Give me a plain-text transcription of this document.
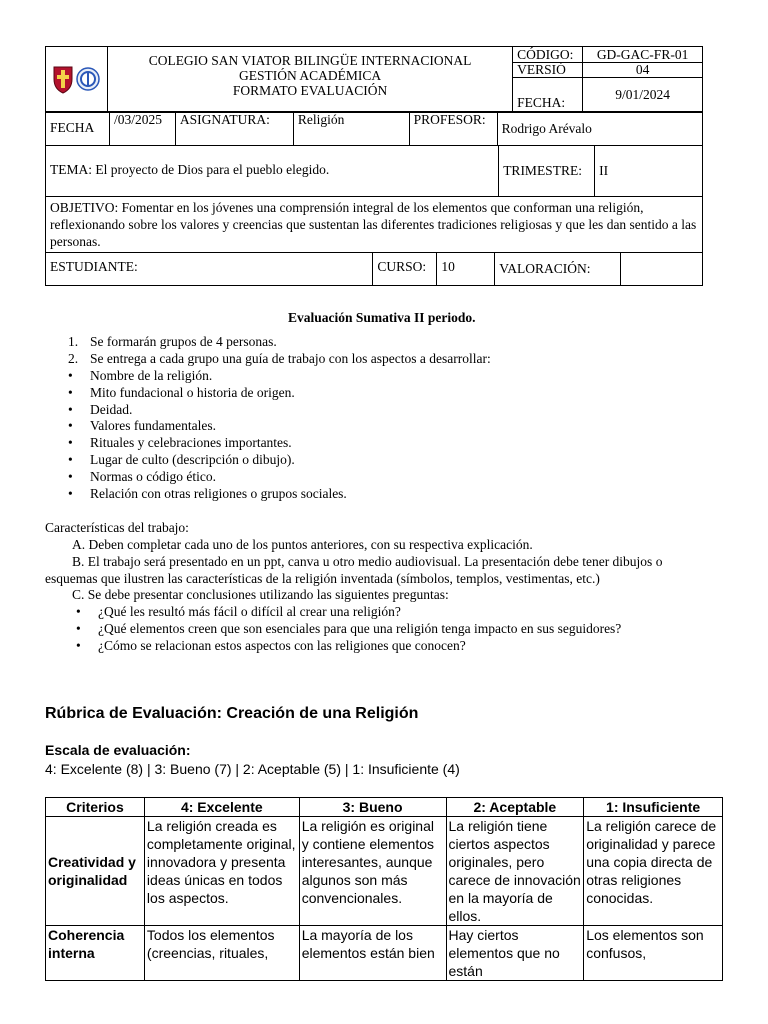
COLEGIO SAN VIATOR BILINGÜE INTERNACIONAL
GESTIÓN ACADÉMICA
FORMATO EVALUACIÓN	CÓDIGO:	GD-GAC-FR-01
		VERSIÓ	04
		FECHA:	9/01/2024
FECHA	/03/2025	ASIGNATURA:	Religión	PROFESOR:	Rodrigo Arévalo
TEMA: El proyecto de Dios para el pueblo elegido.	TRIMESTRE:	II
OBJETIVO: Fomentar en los jóvenes una comprensión integral de los elementos que conforman una religión, reflexionando sobre los valores y creencias que sustentan las diferentes tradiciones religiosas y que les dan sentido a las personas.
ESTUDIANTE:	CURSO:	10	VALORACIÓN:	
Evaluación Sumativa II periodo.
1. Se formarán grupos de 4 personas.
2. Se entrega a cada grupo una guía de trabajo con los aspectos a desarrollar:
• Nombre de la religión.
• Mito fundacional o historia de origen.
• Deidad.
• Valores fundamentales.
• Rituales y celebraciones importantes.
• Lugar de culto (descripción o dibujo).
• Normas o código ético.
• Relación con otras religiones o grupos sociales.
Características del trabajo:
A. Deben completar cada uno de los puntos anteriores, con su respectiva explicación.
B. El trabajo será presentado en un ppt, canva u otro medio audiovisual. La presentación debe tener dibujos o
esquemas que ilustren las características de la religión inventada (símbolos, templos, vestimentas, etc.)
C. Se debe presentar conclusiones utilizando las siguientes preguntas:
• ¿Qué les resultó más fácil o difícil al crear una religión?
• ¿Qué elementos creen que son esenciales para que una religión tenga impacto en sus seguidores?
• ¿Cómo se relacionan estos aspectos con las religiones que conocen?
Rúbrica de Evaluación: Creación de una Religión
Escala de evaluación:
4: Excelente (8) | 3: Bueno (7) | 2: Aceptable (5) | 1: Insuficiente (4)
Criterios	4: Excelente	3: Bueno	2: Aceptable	1: Insuficiente
Creatividad y originalidad	La religión creada es completamente original, innovadora y presenta ideas únicas en todos los aspectos.	La religión es original y contiene elementos interesantes, aunque algunos son más convencionales.	La religión tiene ciertos aspectos originales, pero carece de innovación en la mayoría de ellos.	La religión carece de originalidad y parece una copia directa de otras religiones conocidas.
Coherencia interna	Todos los elementos (creencias, rituales,	La mayoría de los elementos están bien	Hay ciertos elementos que no están	Los elementos son confusos,
